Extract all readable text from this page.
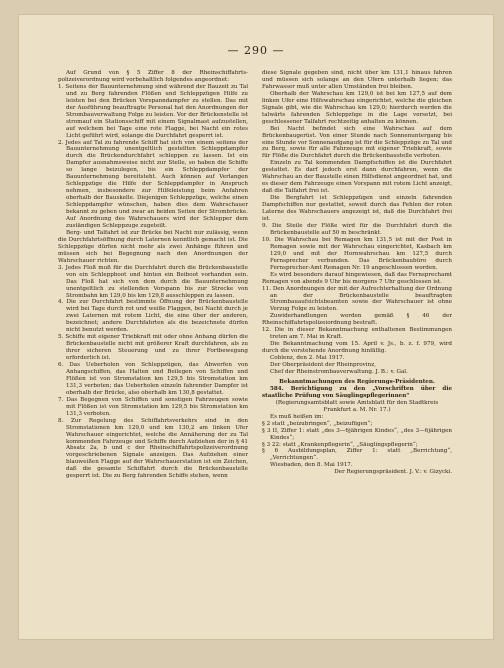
— 290 —

Auf Grund von § 5 Ziffer 8 der Rheinschiffahrts-polizeiverordnung wird vorbehaltlich folgendes angeordnet:

1. Seitens der Bauunternehmung sind während der Bauzeit zu Tal und zu Berg fahrenden Flößen und Schleppzügen Hilfe zu leisten bei den Brücken Vorspanndampfer zu stellen. Das mit der Ausführung beauftragte Personal hat den Anordnungen der Strombauverwaltung Folge zu leisten. Vor der Brückenstelle ist stromauf ein Stationsschiff mit einem Signalmast aufzustellen, auf welchem bei Tage eine rote Flagge, bei Nacht ein rotes Licht geführt wird, solange die Durchfahrt gesperrt ist.

2. Jedes auf Tal zu fahrende Schiff hat sich von einem seitens der Bauunternehmung unentgeltlich gestellten Schleppdampfer durch die Brückendurchfahrt schleppen zu lassen. Ist ein Dampfer ausnahmsweise nicht zur Stelle, so haben die Schiffe so lange beizulegen, bis ein Schleppdampfer der Bauunternehmung bereitsteht. Auch können auf Verlangen Schleppzüge die Hilfe der Schleppdampfer in Anspruch nehmen, insbesondere zur Hilfeleistung beim Anfahren oberhalb der Bauskelle. Diejenigen Schleppzüge, welche einen Schleppdampfer wünschen, haben dies dem Wahrschauer bekannt zu geben und zwar an beiden Seiten der Strombrücke. Auf Anordnung des Wahrschauers wird der Schlepper dem zuständigen Schleppzuge zugeteilt.

Berg- und Talfahrt ist zur Brücke bei Nacht nur zulässig, wenn die Durchfahrtsöffnung durch Laternen kenntlich gemacht ist. Die Schleppzüge dürfen nicht mehr als zwei Anhänge führen und müssen sich bei Begegnung nach den Anordnungen der Wahrschauer richten.

3. Jedes Floß muß für die Durchfahrt durch die Brückenbaustelle von ein Schleppboot und hinten ein Beiboot vorhanden sein. Das Floß hat sich von dem durch die Bauunternehmung unentgeltlich zu stellenden Vorspann bis zur Strecke von Strombahn km 129,0 bis km 129,8 ausschleppen zu lassen.

4. Die zur Durchfahrt bestimmte Öffnung der Brückenbaustelle wird bei Tage durch rot und weiße Flaggen, bei Nacht durch je zwei Laternen mit rotem Licht, die eine über der anderen, bezeichnet; andere Durchfahrten als die bezeichnete dürfen nicht benutzt werden.

5. Schiffe mit eigener Triebkraft mit oder ohne Anhang dürfen die Brückenbaustelle nicht mit größerer Kraft durchfahren, als zu ihrer sicheren Steuerung und zu ihrer Fortbewegung erforderlich ist.

6. Das Ueberholen von Schleppzügen, das Abwerfen von Anhangschiffen, das Halten und Beilegen von Schiffen und Flößen ist von Stromstation km 129,5 bis Stromstation km 131,3 verboten; das Ueberholen einzeln fahrender Dampfer ist oberhalb der Brücke, also oberhalb km 130,8 gestattet.

7. Das Begegnen von Schiffen und sonstigen Fahrzeugen sowie mit Flößen ist von Stromstation km 129,5 bis Stromstation km 131,3 verboten.

8. Zur Regelung des Schiffahrtsverkehrs sind in den Stromstationen km 129,0 und km 130,2 am linken Ufer Wahrschauer eingerichtet, welche die Annäherung der zu Tal kommenden Fahrzeuge und Schiffe durch Aufziehen der in § 41 Absatz 2a, b und c der Rheinschiffahrtspolizeiverordnung vorgeschriebenen Signale anzeigen. Das Aufziehen einer blauweißen Flagge auf der Wahrschauerstation ist ein Zeichen, daß die gesamte Schiffahrt durch die Brückenbaustelle gesperrt ist. Die zu Berg fahrenden Schiffe stehen, wenn

diese Signale gegeben sind, nicht über km 131,1 hinaus fahren und müssen sich solange an den Ufern unterhalb liegen; das Fahrwasser muß unter allen Umständen frei bleiben.

Oberhalb der Wahrschau km 129,0 ist bei km 127,5 auf dem linken Ufer eine Hilfswahrschau eingerichtet, welche die gleichen Signale gibt, wie die Wahrschau km 129,0; hierdurch werden die talwärts fahrenden Schleppzüge in die Lage versetzt, bei geschlossener Talfahrt rechtzeitig anhalten zu können.

Bei Nacht befindet sich eine Wahrschau auf dem Brückenbaugerüst. Von einer Stunde nach Sonnenuntergang bis eine Stunde vor Sonnenaufgang ist für die Schleppzüge zu Tal und zu Berg, sowie für alle Fahrzeuge mit eigener Triebkraft, sowie für Flöße die Durchfahrt durch die Brückenbaustelle verboten.

Einzeln zu Tal kommenden Dampfschiffen ist die Durchfahrt gestattet. Es darf jedoch erst dann durchfahren, wenn die Wahrschau an der Baustelle einen Hilfsdienst angeordnet hat, und es dieser dem Fahrzeuge einen Vorspann mit rotem Licht anzeigt, daß die Talfahrt frei ist.

Die Bergfahrt ist Schleppzügen und einzeln fahrenden Dampfschiffen nur gestattet, soweit durch das Fehlen der roten Laterne des Wahrschauers angezeigt ist, daß die Durchfahrt frei ist.

9. Die Steile der Flöße wird für die Durchfahrt durch die Brückenbaustelle auf 50 m beschränkt.

10. Die Wahrschau bei Remagen km 131,5 ist mit der Post in Remagen sowie mit der Wahrschau eingerichtet, Kasbach km 129,0 und mit der Hornwahrschau km 127,5 durch Fernsprecher verbunden. Das Brückenbaubüro durch Fernsprecher-Amt Remagen Nr. 19 angeschlossen worden.

Es wird besonders darauf hingewiesen, daß das Fernsprechamt Remagen von abends 9 Uhr bis morgens 7 Uhr geschlossen ist.

11. Den Anordnungen der mit der Aufrechterhaltung der Ordnung an der Brückenbaustelle beauftragten Strombauaufsichtsbeamten sowie der Wahrschauer ist ohne Verzug Folge zu leisten.

Zuwiderhandlungen werden gemäß § 46 der Rheinschiffahrtspolizeiordnung bestraft.

12. Die in dieser Bekanntmachung enthaltenen Bestimmungen treten am 7. Mai in Kraft.

Die Bekanntmachung vom 15. April v. Js., b. z. f. 979, wird durch die vorstehende Anordnung hinfällig.

Coblenz, den 2. Mai 1917.

Der Oberpräsident der Rheinprovinz,

Chef der Rheinstrombauverwaltung. J. B.: v. Gal.

Bekanntmachungen des Regierungs-Präsidenten.

584. Berichtigung zu den „Vorschriften über die staatliche Prüfung von Säuglingspflegerinnen“

(Regierungsamtsblatt sowie Amtsblatt für den Stadtkreis Frankfurt a. M. Nr. 17.)

Es muß heißen im:

§ 2 statt „beizubringen“, „beizufügen“;

§ 3 II, Ziffer 1: statt „des 3—6jährigen Kindes“, „des 3—6jährigen Kindes“;

§ 3 22: statt „Krankenpflegerin“, „Säuglingspflegerin“;

§ 6 Ausbildungsplan, Ziffer 1: statt „Berrichtung“, „Verrichtungen“.

Wiesbaden, den 8. Mai 1917.

Der Regierungspräsident. J. V.: v. Gizycki.
